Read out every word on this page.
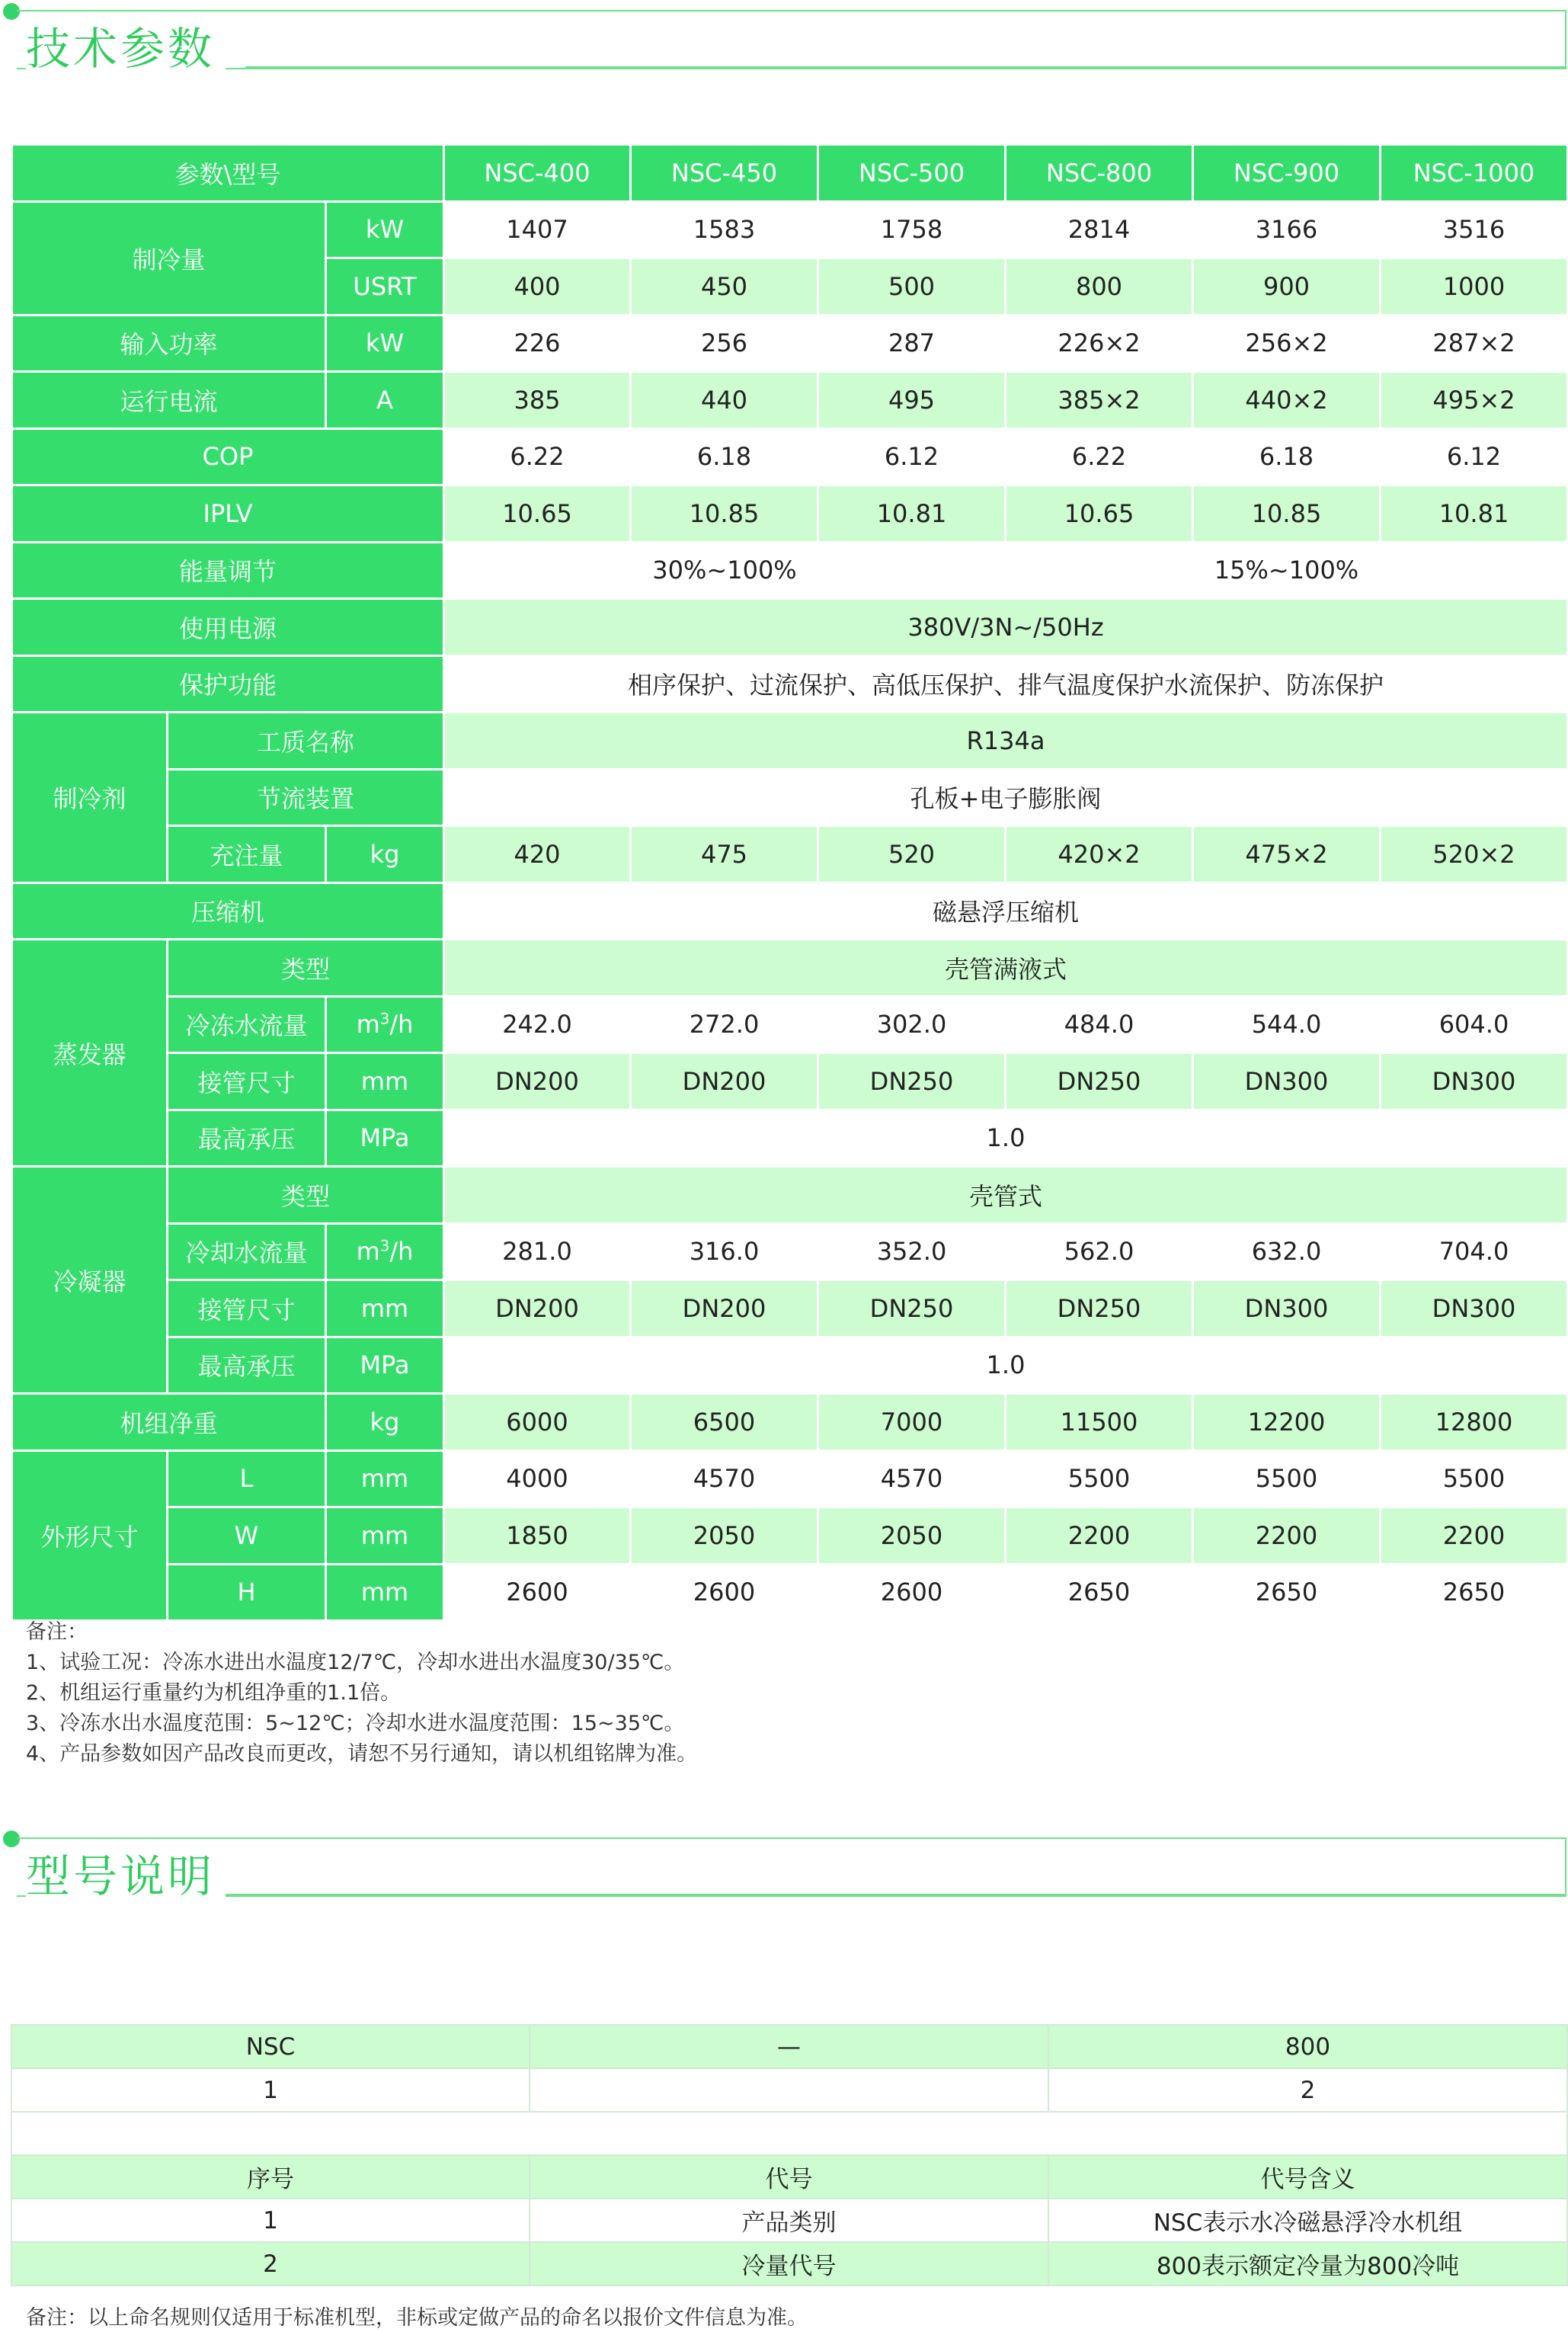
技术参数
参数\型号			NSC-400	NSC-450	NSC-500	NSC-800	NSC-900	NSC-1000
制冷量		kW	1407	1583	1758	2814	3166	3516
		USRT	400	450	500	800	900	1000
输入功率		kW	226	256	287	226×2	256×2	287×2
运行电流		A	385	440	495	385×2	440×2	495×2
COP			6.22	6.18	6.12	6.22	6.18	6.12
IPLV			10.65	10.85	10.81	10.65	10.85	10.81
能量调节			30%~100%			15%~100%		
使用电源			380V/3N~/50Hz					
保护功能			相序保护、过流保护、高低压保护、排气温度保护水流保护、防冻保护					
制冷剂	工质名称		R134a					
	节流装置		孔板+电子膨胀阀					
	充注量	kg	420	475	520	420×2	475×2	520×2
压缩机			磁悬浮压缩机					
蒸发器	类型		壳管满液式					
	冷冻水流量	$m^3/h$	242.0	272.0	302.0	484.0	544.0	604.0
	接管尺寸	mm	DN200	DN200	DN250	DN250	DN300	DN300
	最高承压	MPa	1.0					
冷凝器	类型		壳管式					
	冷却水流量	$m^3/h$	281.0	316.0	352.0	562.0	632.0	704.0
	接管尺寸	mm	DN200	DN200	DN250	DN250	DN300	DN300
	最高承压	MPa	1.0					
机组净重		kg	6000	6500	7000	11500	12200	12800
外形尺寸	L	mm	4000	4570	4570	5500	5500	5500
	W	mm	1850	2050	2050	2200	2200	2200
	H	mm	2600	2600	2600	2650	2650	2650
备注：
1、试验工况：冷冻水进出水温度12/7℃，冷却水进出水温度30/35℃。
2、机组运行重量约为机组净重的1.1倍。
3、冷冻水出水温度范围：5~12℃；冷却水进水温度范围：15~35℃。
4、产品参数如因产品改良而更改，请恕不另行通知，请以机组铭牌为准。
型号说明
NSC	—	800
1		2

序号	代号	代号含义
1	产品类别	NSC表示水冷磁悬浮冷水机组
2	冷量代号	800表示额定冷量为800冷吨
备注：以上命名规则仅适用于标准机型，非标或定做产品的命名以报价文件信息为准。
